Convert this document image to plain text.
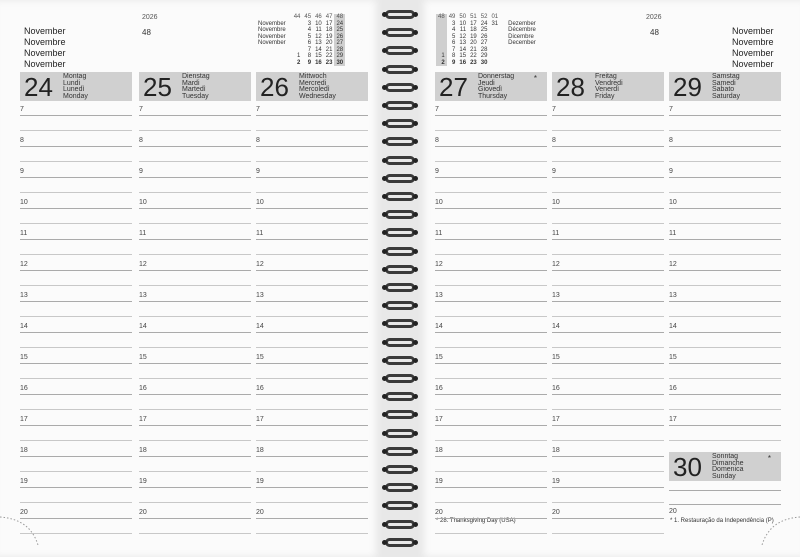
2026
48
November
Novembre
November
November
	44	45	46	47	48
November		3	10	17	24
Novembre		4	11	18	25
November		5	12	19	26
November		6	13	20	27
		7	14	21	28
	1	8	15	22	29
	2	9	16	23	30
24 Montag
Lundi
Lunedì
Monday
7
8
9
10
11
12
13
14
15
16
17
18
19
20
25 Dienstag
Mardi
Martedì
Tuesday
7
8
9
10
11
12
13
14
15
16
17
18
19
20
26 Mittwoch
Mercredi
Mercoledì
Wednesday
7
8
9
10
11
12
13
14
15
16
17
18
19
20
2026
48	November
Novembre
November
November
48	49	50	51	52	01	
	3	10	17	24	31	Dezember
	4	11	18	25		Décembre
	5	12	19	26		Dicembre
	6	13	20	27		December
	7	14	21	28		
1	8	15	22	29		
2	9	16	23	30		
* 28. Thanksgiving Day (USA)	* 1. Restauração da Independência (P)
27 Donnerstag
Jeudi
Giovedì
Thursday
*
7
8
9
10
11
12
13
14
15
16
17
18
19
20
28 Freitag
Vendredi
Venerdì
Friday
7
8
9
10
11
12
13
14
15
16
17
18
19
20
29 Samstag
Samedi
Sabato
Saturday
7
8
9
10
11
12
13
14
15
16
17
30 Sonntag
Dimanche
Domenica
Sunday
*
20
